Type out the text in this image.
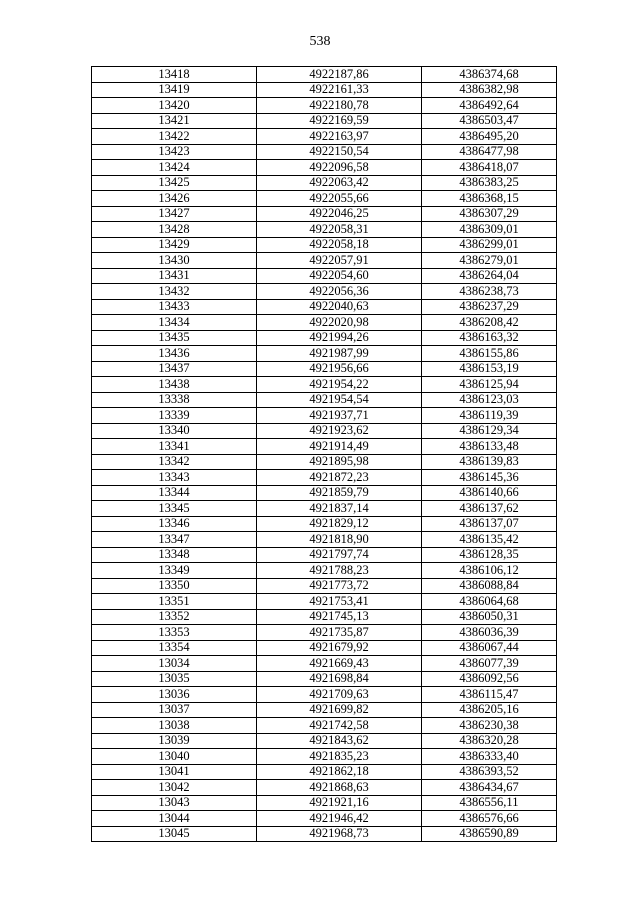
538
13418	4922187,86	4386374,68
13419	4922161,33	4386382,98
13420	4922180,78	4386492,64
13421	4922169,59	4386503,47
13422	4922163,97	4386495,20
13423	4922150,54	4386477,98
13424	4922096,58	4386418,07
13425	4922063,42	4386383,25
13426	4922055,66	4386368,15
13427	4922046,25	4386307,29
13428	4922058,31	4386309,01
13429	4922058,18	4386299,01
13430	4922057,91	4386279,01
13431	4922054,60	4386264,04
13432	4922056,36	4386238,73
13433	4922040,63	4386237,29
13434	4922020,98	4386208,42
13435	4921994,26	4386163,32
13436	4921987,99	4386155,86
13437	4921956,66	4386153,19
13438	4921954,22	4386125,94
13338	4921954,54	4386123,03
13339	4921937,71	4386119,39
13340	4921923,62	4386129,34
13341	4921914,49	4386133,48
13342	4921895,98	4386139,83
13343	4921872,23	4386145,36
13344	4921859,79	4386140,66
13345	4921837,14	4386137,62
13346	4921829,12	4386137,07
13347	4921818,90	4386135,42
13348	4921797,74	4386128,35
13349	4921788,23	4386106,12
13350	4921773,72	4386088,84
13351	4921753,41	4386064,68
13352	4921745,13	4386050,31
13353	4921735,87	4386036,39
13354	4921679,92	4386067,44
13034	4921669,43	4386077,39
13035	4921698,84	4386092,56
13036	4921709,63	4386115,47
13037	4921699,82	4386205,16
13038	4921742,58	4386230,38
13039	4921843,62	4386320,28
13040	4921835,23	4386333,40
13041	4921862,18	4386393,52
13042	4921868,63	4386434,67
13043	4921921,16	4386556,11
13044	4921946,42	4386576,66
13045	4921968,73	4386590,89
